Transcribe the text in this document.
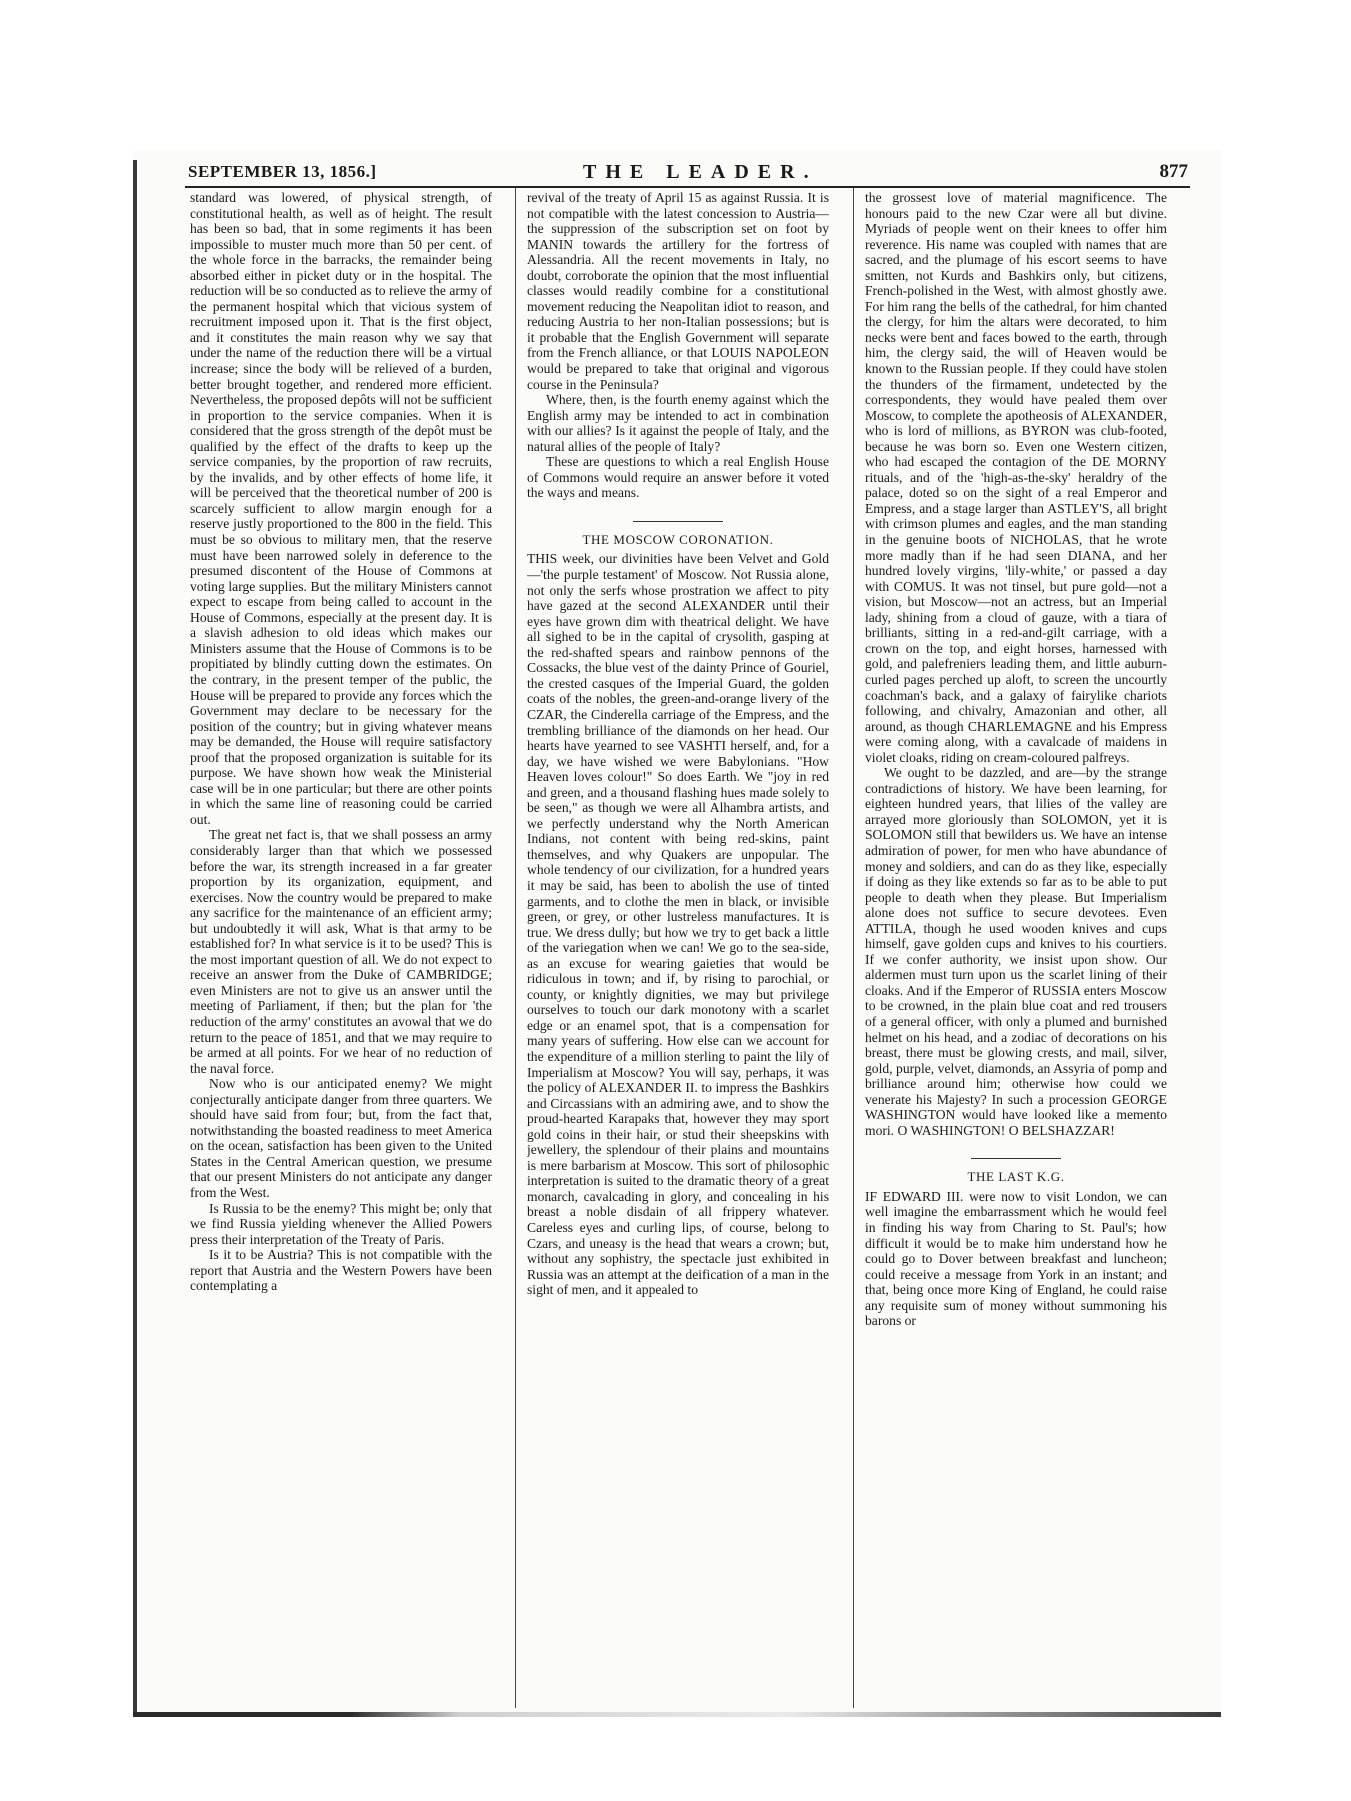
SEPTEMBER 13, 1856.]	THE LEADER.	877

standard was lowered, of physical strength, of constitutional health, as well as of height. The result has been so bad, that in some regiments it has been impossible to muster much more than 50 per cent. of the whole force in the barracks, the remainder being absorbed either in picket duty or in the hospital. The reduction will be so conducted as to relieve the army of the permanent hospital which that vicious system of recruitment imposed upon it. That is the first object, and it constitutes the main reason why we say that under the name of the reduction there will be a virtual increase; since the body will be relieved of a burden, better brought together, and rendered more efficient. Nevertheless, the proposed depôts will not be sufficient in proportion to the service companies. When it is considered that the gross strength of the depôt must be qualified by the effect of the drafts to keep up the service companies, by the proportion of raw recruits, by the invalids, and by other effects of home life, it will be perceived that the theoretical number of 200 is scarcely sufficient to allow margin enough for a reserve justly proportioned to the 800 in the field. This must be so obvious to military men, that the reserve must have been narrowed solely in deference to the presumed discontent of the House of Commons at voting large supplies. But the military Ministers cannot expect to escape from being called to account in the House of Commons, especially at the present day. It is a slavish adhesion to old ideas which makes our Ministers assume that the House of Commons is to be propitiated by blindly cutting down the estimates. On the contrary, in the present temper of the public, the House will be prepared to provide any forces which the Government may declare to be necessary for the position of the country; but in giving whatever means may be demanded, the House will require satisfactory proof that the proposed organization is suitable for its purpose. We have shown how weak the Ministerial case will be in one particular; but there are other points in which the same line of reasoning could be carried out.

The great net fact is, that we shall possess an army considerably larger than that which we possessed before the war, its strength increased in a far greater proportion by its organization, equipment, and exercises. Now the country would be prepared to make any sacrifice for the maintenance of an efficient army; but undoubtedly it will ask, What is that army to be established for? In what service is it to be used? This is the most important question of all. We do not expect to receive an answer from the Duke of CAMBRIDGE; even Ministers are not to give us an answer until the meeting of Parliament, if then; but the plan for 'the reduction of the army' constitutes an avowal that we do return to the peace of 1851, and that we may require to be armed at all points. For we hear of no reduction of the naval force.

Now who is our anticipated enemy? We might conjecturally anticipate danger from three quarters. We should have said from four; but, from the fact that, notwithstanding the boasted readiness to meet America on the ocean, satisfaction has been given to the United States in the Central American question, we presume that our present Ministers do not anticipate any danger from the West.

Is Russia to be the enemy? This might be; only that we find Russia yielding whenever the Allied Powers press their interpretation of the Treaty of Paris.

Is it to be Austria? This is not compatible with the report that Austria and the Western Powers have been contemplating a

revival of the treaty of April 15 as against Russia. It is not compatible with the latest concession to Austria—the suppression of the subscription set on foot by MANIN towards the artillery for the fortress of Alessandria. All the recent movements in Italy, no doubt, corroborate the opinion that the most influential classes would readily combine for a constitutional movement reducing the Neapolitan idiot to reason, and reducing Austria to her non-Italian possessions; but is it probable that the English Government will separate from the French alliance, or that LOUIS NAPOLEON would be prepared to take that original and vigorous course in the Peninsula?

Where, then, is the fourth enemy against which the English army may be intended to act in combination with our allies? Is it against the people of Italy, and the natural allies of the people of Italy?

These are questions to which a real English House of Commons would require an answer before it voted the ways and means.

THE MOSCOW CORONATION.

THIS week, our divinities have been Velvet and Gold—'the purple testament' of Moscow. Not Russia alone, not only the serfs whose prostration we affect to pity have gazed at the second ALEXANDER until their eyes have grown dim with theatrical delight. We have all sighed to be in the capital of crysolith, gasping at the red-shafted spears and rainbow pennons of the Cossacks, the blue vest of the dainty Prince of Gouriel, the crested casques of the Imperial Guard, the golden coats of the nobles, the green-and-orange livery of the CZAR, the Cinderella carriage of the Empress, and the trembling brilliance of the diamonds on her head. Our hearts have yearned to see VASHTI herself, and, for a day, we have wished we were Babylonians. "How Heaven loves colour!" So does Earth. We "joy in red and green, and a thousand flashing hues made solely to be seen," as though we were all Alhambra artists, and we perfectly understand why the North American Indians, not content with being red-skins, paint themselves, and why Quakers are unpopular. The whole tendency of our civilization, for a hundred years it may be said, has been to abolish the use of tinted garments, and to clothe the men in black, or invisible green, or grey, or other lustreless manufactures. It is true. We dress dully; but how we try to get back a little of the variegation when we can! We go to the sea-side, as an excuse for wearing gaieties that would be ridiculous in town; and if, by rising to parochial, or county, or knightly dignities, we may but privilege ourselves to touch our dark monotony with a scarlet edge or an enamel spot, that is a compensation for many years of suffering. How else can we account for the expenditure of a million sterling to paint the lily of Imperialism at Moscow? You will say, perhaps, it was the policy of ALEXANDER II. to impress the Bashkirs and Circassians with an admiring awe, and to show the proud-hearted Karapaks that, however they may sport gold coins in their hair, or stud their sheepskins with jewellery, the splendour of their plains and mountains is mere barbarism at Moscow. This sort of philosophic interpretation is suited to the dramatic theory of a great monarch, cavalcading in glory, and concealing in his breast a noble disdain of all frippery whatever. Careless eyes and curling lips, of course, belong to Czars, and uneasy is the head that wears a crown; but, without any sophistry, the spectacle just exhibited in Russia was an attempt at the deification of a man in the sight of men, and it appealed to

the grossest love of material magnificence. The honours paid to the new Czar were all but divine. Myriads of people went on their knees to offer him reverence. His name was coupled with names that are sacred, and the plumage of his escort seems to have smitten, not Kurds and Bashkirs only, but citizens, French-polished in the West, with almost ghostly awe. For him rang the bells of the cathedral, for him chanted the clergy, for him the altars were decorated, to him necks were bent and faces bowed to the earth, through him, the clergy said, the will of Heaven would be known to the Russian people. If they could have stolen the thunders of the firmament, undetected by the correspondents, they would have pealed them over Moscow, to complete the apotheosis of ALEXANDER, who is lord of millions, as BYRON was club-footed, because he was born so. Even one Western citizen, who had escaped the contagion of the DE MORNY rituals, and of the 'high-as-the-sky' heraldry of the palace, doted so on the sight of a real Emperor and Empress, and a stage larger than ASTLEY'S, all bright with crimson plumes and eagles, and the man standing in the genuine boots of NICHOLAS, that he wrote more madly than if he had seen DIANA, and her hundred lovely virgins, 'lily-white,' or passed a day with COMUS. It was not tinsel, but pure gold—not a vision, but Moscow—not an actress, but an Imperial lady, shining from a cloud of gauze, with a tiara of brilliants, sitting in a red-and-gilt carriage, with a crown on the top, and eight horses, harnessed with gold, and palefreniers leading them, and little auburn-curled pages perched up aloft, to screen the uncourtly coachman's back, and a galaxy of fairylike chariots following, and chivalry, Amazonian and other, all around, as though CHARLEMAGNE and his Empress were coming along, with a cavalcade of maidens in violet cloaks, riding on cream-coloured palfreys.

We ought to be dazzled, and are—by the strange contradictions of history. We have been learning, for eighteen hundred years, that lilies of the valley are arrayed more gloriously than SOLOMON, yet it is SOLOMON still that bewilders us. We have an intense admiration of power, for men who have abundance of money and soldiers, and can do as they like, especially if doing as they like extends so far as to be able to put people to death when they please. But Imperialism alone does not suffice to secure devotees. Even ATTILA, though he used wooden knives and cups himself, gave golden cups and knives to his courtiers. If we confer authority, we insist upon show. Our aldermen must turn upon us the scarlet lining of their cloaks. And if the Emperor of RUSSIA enters Moscow to be crowned, in the plain blue coat and red trousers of a general officer, with only a plumed and burnished helmet on his head, and a zodiac of decorations on his breast, there must be glowing crests, and mail, silver, gold, purple, velvet, diamonds, an Assyria of pomp and brilliance around him; otherwise how could we venerate his Majesty? In such a procession GEORGE WASHINGTON would have looked like a memento mori. O WASHINGTON! O BELSHAZZAR!

THE LAST K.G.

IF EDWARD III. were now to visit London, we can well imagine the embarrassment which he would feel in finding his way from Charing to St. Paul's; how difficult it would be to make him understand how he could go to Dover between breakfast and luncheon; could receive a message from York in an instant; and that, being once more King of England, he could raise any requisite sum of money without summoning his barons or
